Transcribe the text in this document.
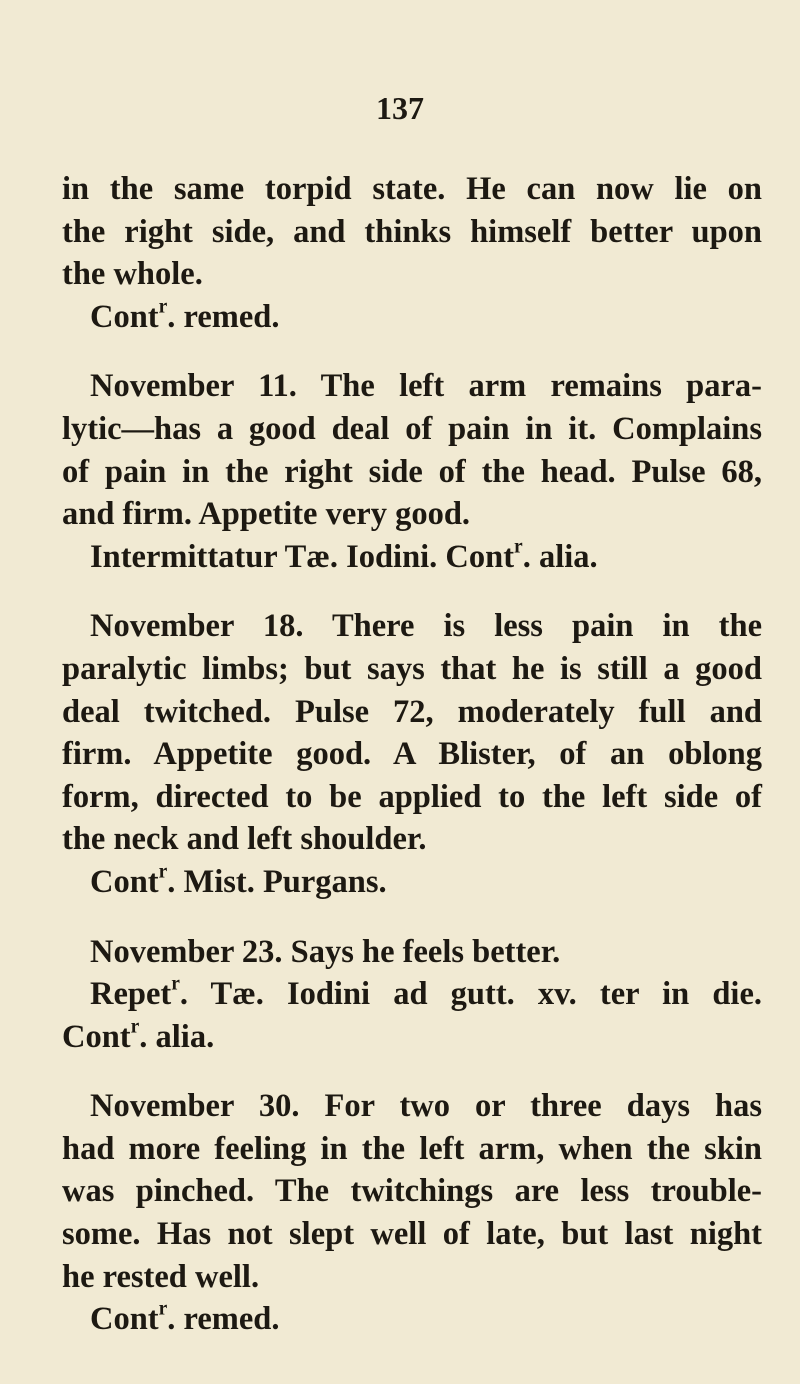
137
in the same torpid state. He can now lie on
the right side, and thinks himself better upon
the whole.
Cont$^r$. remed.
November 11. The left arm remains para-
lytic—has a good deal of pain in it. Complains
of pain in the right side of the head. Pulse 68,
and firm. Appetite very good.
Intermittatur Tæ. Iodini. Cont$^r$. alia.
November 18. There is less pain in the
paralytic limbs; but says that he is still a good
deal twitched. Pulse 72, moderately full and
firm. Appetite good. A Blister, of an oblong
form, directed to be applied to the left side of
the neck and left shoulder.
Cont$^r$. Mist. Purgans.
November 23. Says he feels better.
Repet$^r$. Tæ. Iodini ad gutt. xv. ter in die.
Cont$^r$. alia.
November 30. For two or three days has
had more feeling in the left arm, when the skin
was pinched. The twitchings are less trouble-
some. Has not slept well of late, but last night
he rested well.
Cont$^r$. remed.
